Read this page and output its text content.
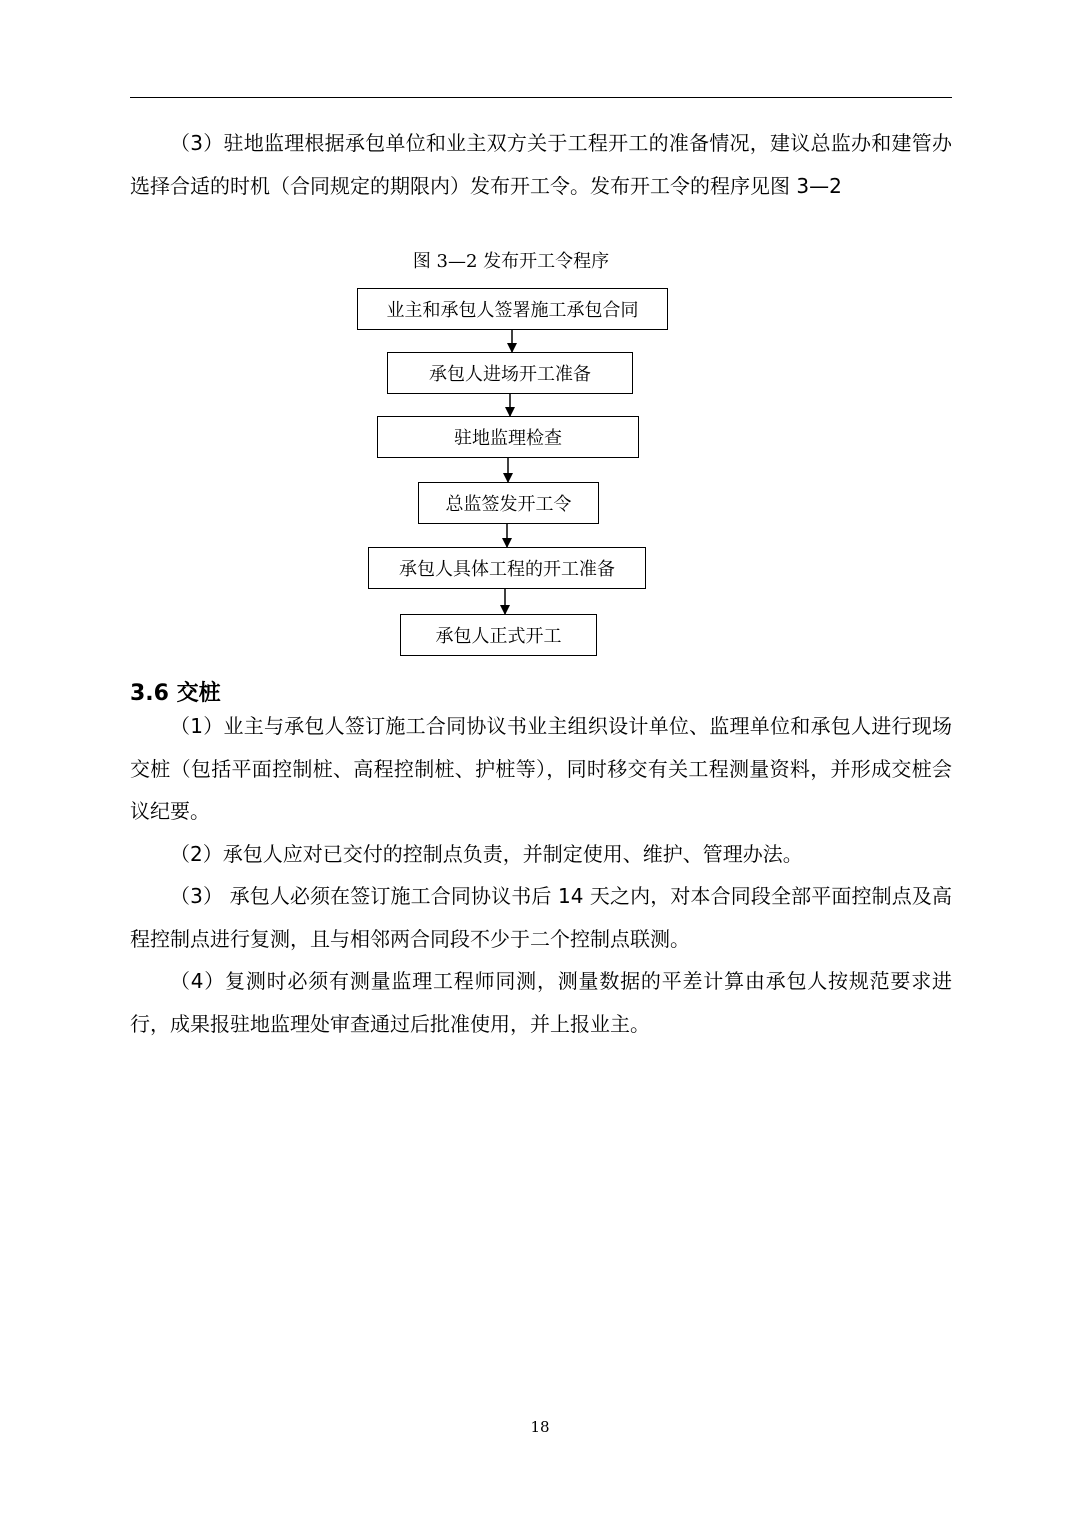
（3）驻地监理根据承包单位和业主双方关于工程开工的准备情况，建议总监办和建管办选择合适的时机（合同规定的期限内）发布开工令。发布开工令的程序见图 3—2

图 3—2 发布开工令程序
业主和承包人签署施工承包合同
承包人进场开工准备
驻地监理检查
总监签发开工令
承包人具体工程的开工准备
承包人正式开工
3.6 交桩

（1）业主与承包人签订施工合同协议书业主组织设计单位、监理单位和承包人进行现场交桩（包括平面控制桩、高程控制桩、护桩等），同时移交有关工程测量资料，并形成交桩会议纪要。

（2）承包人应对已交付的控制点负责，并制定使用、维护、管理办法。

（3） 承包人必须在签订施工合同协议书后 14 天之内，对本合同段全部平面控制点及高程控制点进行复测，且与相邻两合同段不少于二个控制点联测。

（4）复测时必须有测量监理工程师同测，测量数据的平差计算由承包人按规范要求进行，成果报驻地监理处审查通过后批准使用，并上报业主。

18
